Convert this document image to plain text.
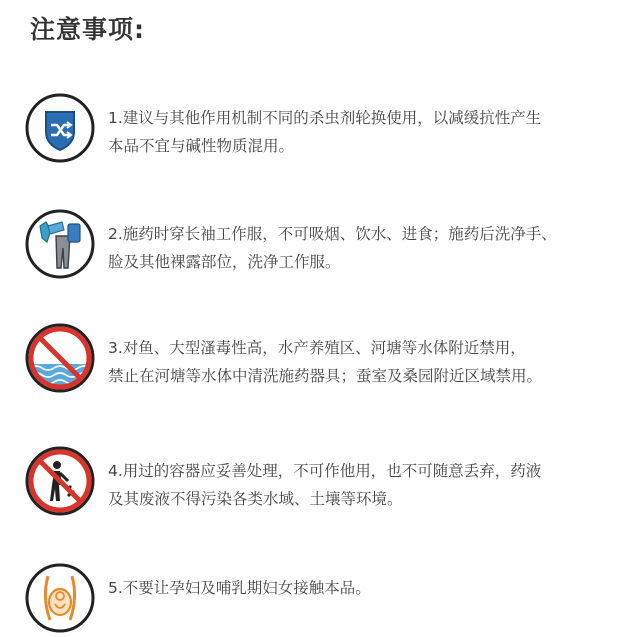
注意事项:
1.建议与其他作用机制不同的杀虫剂轮换使用，以减缓抗性产生
本品不宜与碱性物质混用。
2.施药时穿长袖工作服，不可吸烟、饮水、进食；施药后洗净手、
脸及其他裸露部位，洗净工作服。
3.对鱼、大型溞毒性高，水产养殖区、河塘等水体附近禁用，
禁止在河塘等水体中清洗施药器具；蚕室及桑园附近区域禁用。
4.用过的容器应妥善处理，不可作他用，也不可随意丢弃，药液
及其废液不得污染各类水域、土壤等环境。
5.不要让孕妇及哺乳期妇女接触本品。
